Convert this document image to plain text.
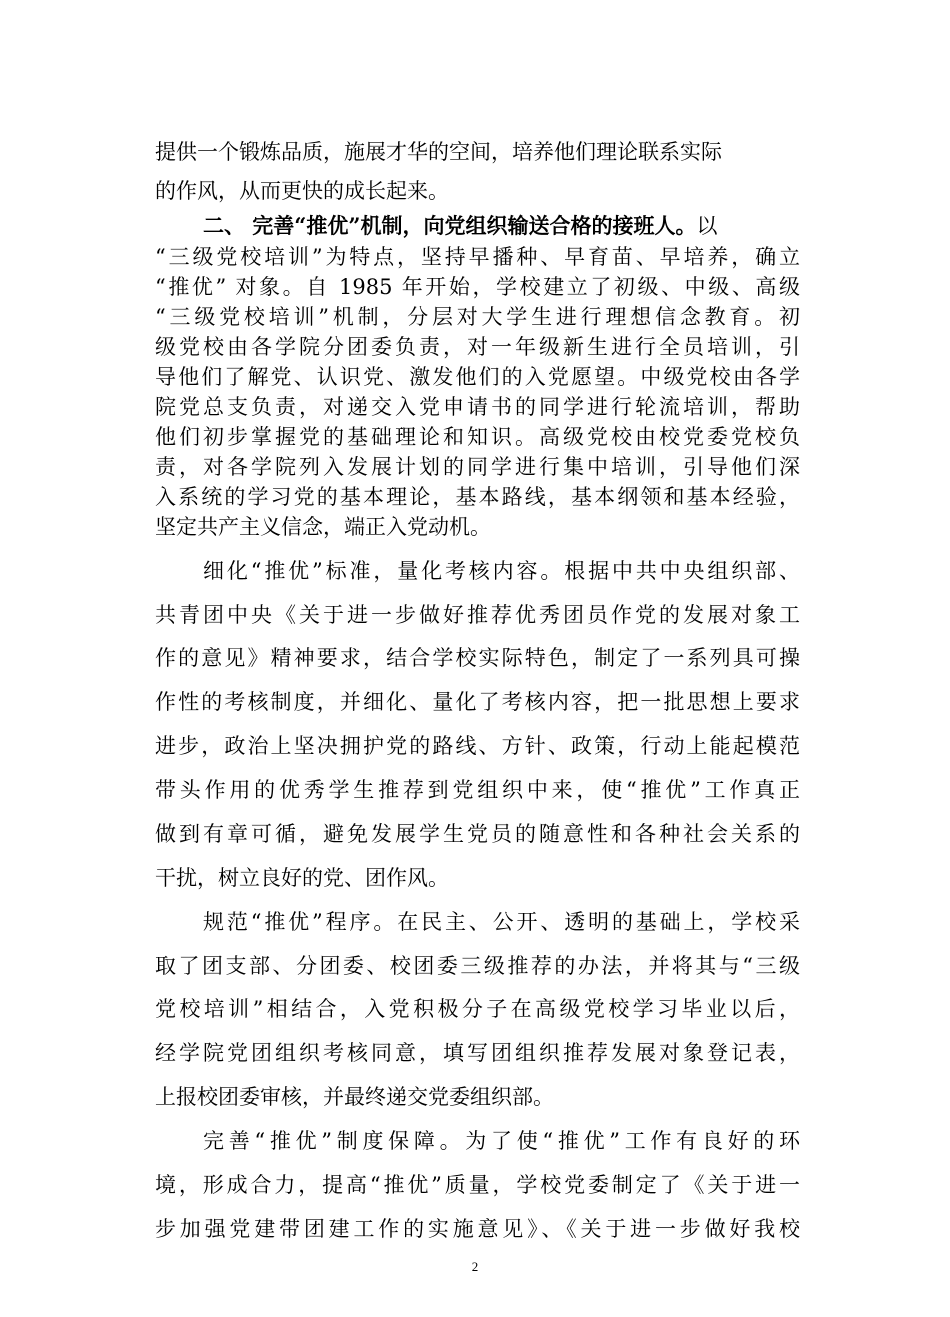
提供一个锻炼品质，施展才华的空间，培养他们理论联系实际
的作风，从而更快的成长起来。
二、 完善“推优”机制，向党组织输送合格的接班人。以
“三级党校培训”为特点，坚持早播种、早育苗、早培养，确立
“推优” 对象。自 1985 年开始，学校建立了初级、中级、高级
“三级党校培训”机制，分层对大学生进行理想信念教育。初
级党校由各学院分团委负责，对一年级新生进行全员培训，引
导他们了解党、认识党、激发他们的入党愿望。中级党校由各学
院党总支负责，对递交入党申请书的同学进行轮流培训，帮助
他们初步掌握党的基础理论和知识。高级党校由校党委党校负
责，对各学院列入发展计划的同学进行集中培训，引导他们深
入系统的学习党的基本理论，基本路线，基本纲领和基本经验，
坚定共产主义信念，端正入党动机。
细化“推优”标准，量化考核内容。根据中共中央组织部、
共青团中央《关于进一步做好推荐优秀团员作党的发展对象工
作的意见》精神要求，结合学校实际特色，制定了一系列具可操
作性的考核制度，并细化、量化了考核内容，把一批思想上要求
进步，政治上坚决拥护党的路线、方针、政策，行动上能起模范
带头作用的优秀学生推荐到党组织中来，使“推优”工作真正
做到有章可循，避免发展学生党员的随意性和各种社会关系的
干扰，树立良好的党、团作风。
规范“推优”程序。在民主、公开、透明的基础上，学校采
取了团支部、分团委、校团委三级推荐的办法，并将其与“三级
党校培训”相结合，入党积极分子在高级党校学习毕业以后，
经学院党团组织考核同意，填写团组织推荐发展对象登记表，
上报校团委审核，并最终递交党委组织部。
完善“推优”制度保障。为了使“推优”工作有良好的环
境，形成合力，提高“推优”质量，学校党委制定了《关于进一
步加强党建带团建工作的实施意见》、《关于进一步做好我校
2
